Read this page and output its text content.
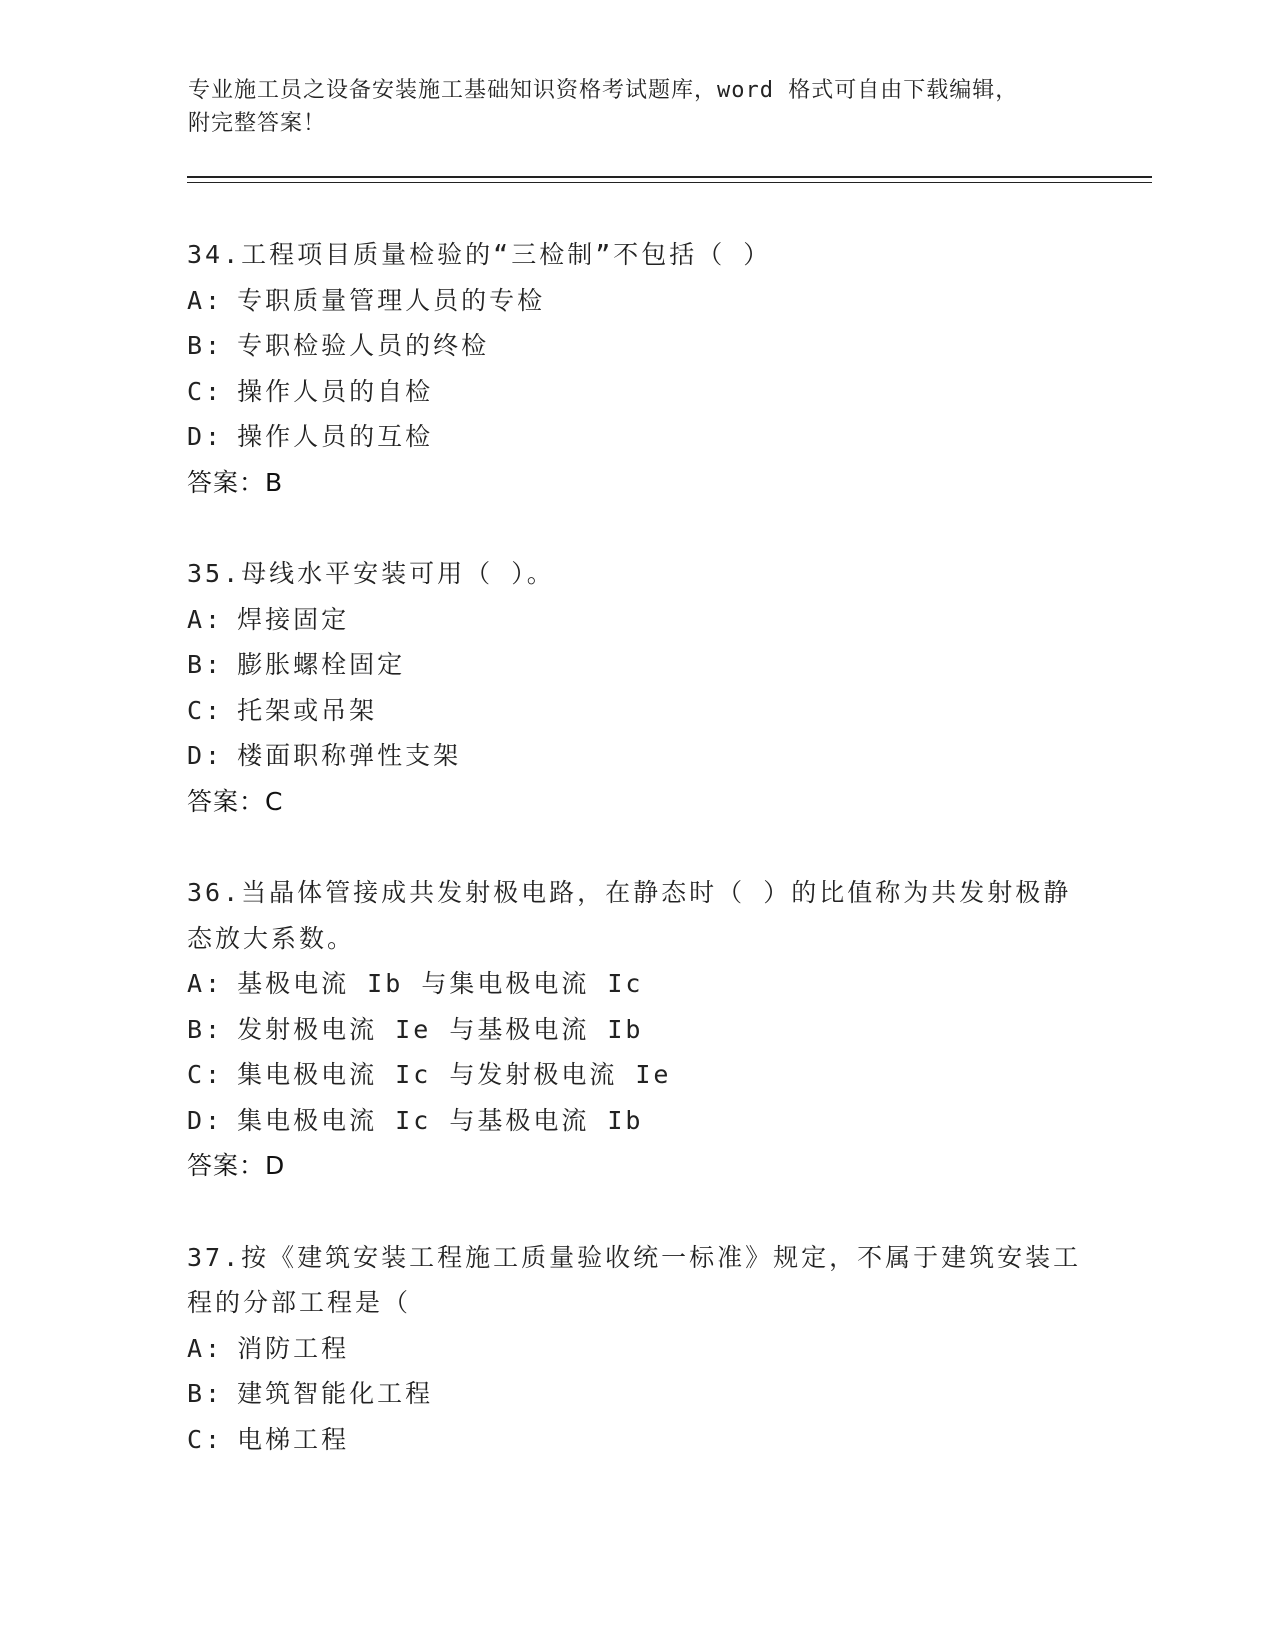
专业施工员之设备安装施工基础知识资格考试题库，word 格式可自由下载编辑，
附完整答案！
34.工程项目质量检验的“三检制”不包括（ ）
A: 专职质量管理人员的专检
B: 专职检验人员的终检
C: 操作人员的自检
D: 操作人员的互检
答案：B
35.母线水平安装可用（ ）。
A: 焊接固定
B: 膨胀螺栓固定
C: 托架或吊架
D: 楼面职称弹性支架
答案：C
36.当晶体管接成共发射极电路，在静态时（ ）的比值称为共发射极静态放大系数。
A: 基极电流 Ib 与集电极电流 Ic
B: 发射极电流 Ie 与基极电流 Ib
C: 集电极电流 Ic 与发射极电流 Ie
D: 集电极电流 Ic 与基极电流 Ib
答案：D
37.按《建筑安装工程施工质量验收统一标准》规定，不属于建筑安装工程的分部工程是（
A: 消防工程
B: 建筑智能化工程
C: 电梯工程
